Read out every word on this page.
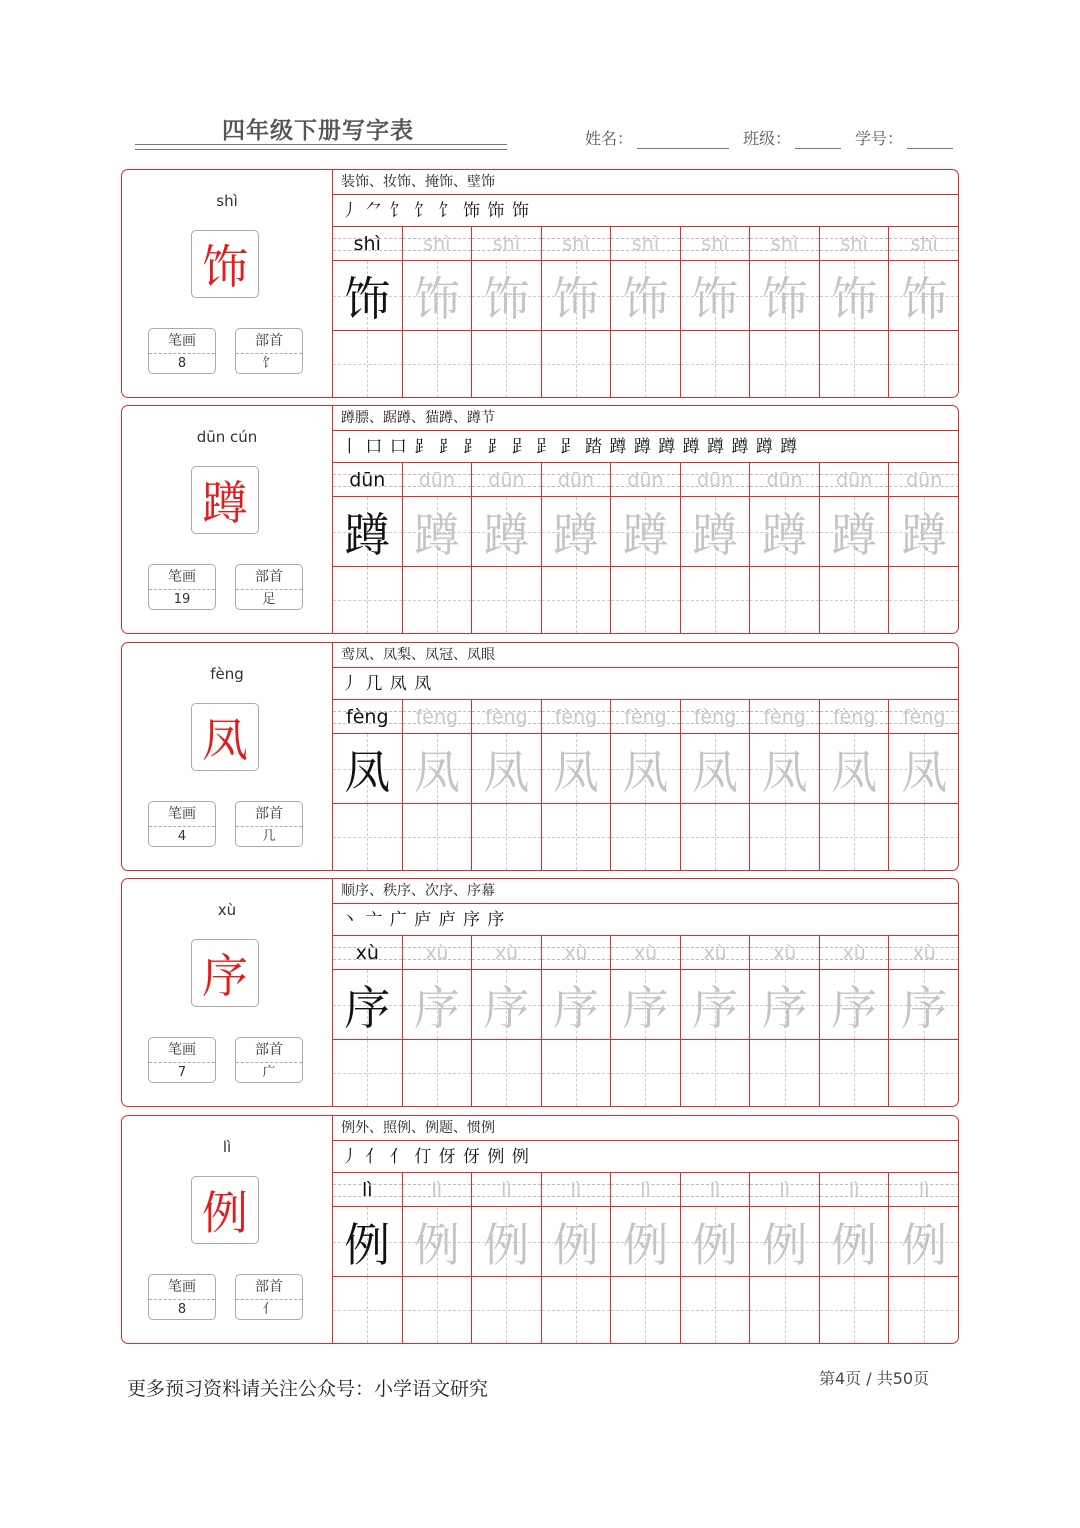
四年级下册写字表	姓名：	班级：	学号：
shì
饰
笔画
8
部首
饣
装饰、妆饰、掩饰、壁饰
丿 ⺈ 饣 饣 饣 饰 饰 饰
shì
饰
shì
饰
shì
饰
shì
饰
shì
饰
shì
饰
shì
饰
shì
饰
shì
饰
dūn cún
蹲
笔画
19
部首
足
蹲膘、踞蹲、猫蹲、蹲节
丨 口 口 ⻊ ⻊ ⻊ ⻊ 𧾷 𧾷 𧾷 踏 蹲 蹲 蹲 蹲 蹲 蹲 蹲 蹲
dūn
蹲
dūn
蹲
dūn
蹲
dūn
蹲
dūn
蹲
dūn
蹲
dūn
蹲
dūn
蹲
dūn
蹲
fèng
凤
笔画
4
部首
几
鸾凤、凤梨、凤冠、凤眼
丿 几 凤 凤
fèng
凤
fèng
凤
fèng
凤
fèng
凤
fèng
凤
fèng
凤
fèng
凤
fèng
凤
fèng
凤
xù
序
笔画
7
部首
广
顺序、秩序、次序、序幕
丶 亠 广 庐 庐 序 序
xù
序
xù
序
xù
序
xù
序
xù
序
xù
序
xù
序
xù
序
xù
序
lì
例
笔画
8
部首
亻
例外、照例、例题、惯例
丿 亻 亻 仃 伢 伢 例 例
lì
例
lì
例
lì
例
lì
例
lì
例
lì
例
lì
例
lì
例
lì
例
更多预习资料请关注公众号：小学语文研究	第4页 / 共50页
